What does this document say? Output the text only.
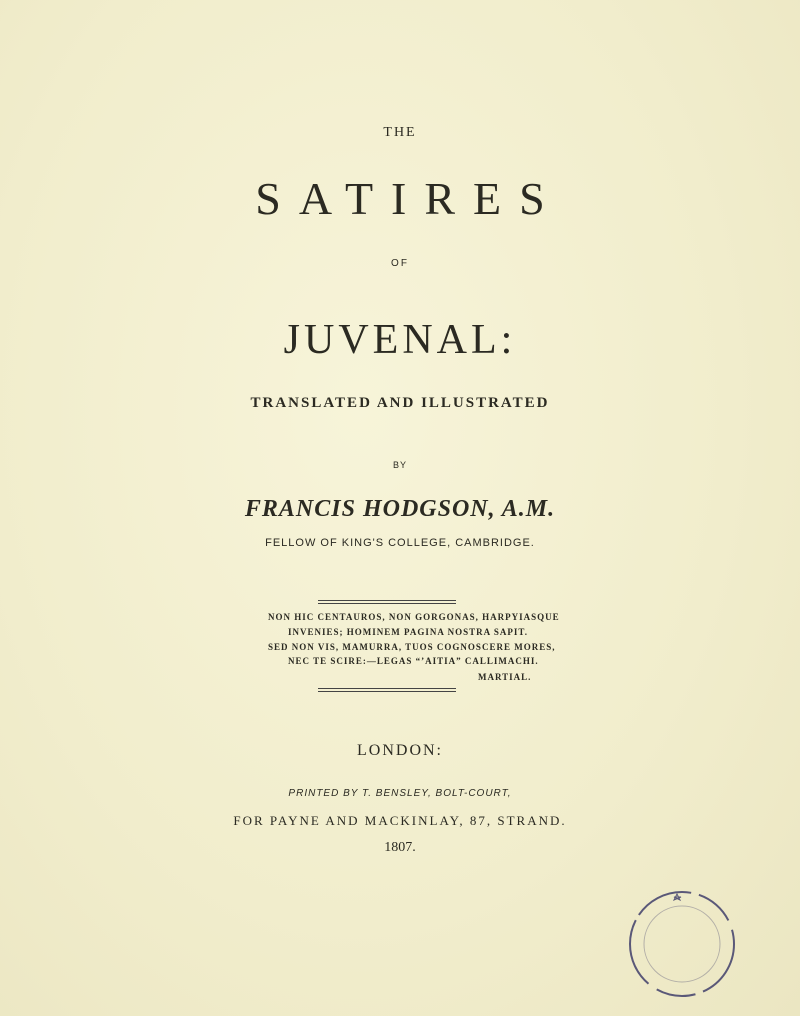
THE
SATIRES
OF
JUVENAL:
TRANSLATED AND ILLUSTRATED
BY
FRANCIS HODGSON, A.M.
FELLOW OF KING'S COLLEGE, CAMBRIDGE.
NON HIC CENTAUROS, NON GORGONAS, HARPYIASQUE
INVENIES; HOMINEM PAGINA NOSTRA SAPIT.
SED NON VIS, MAMURRA, TUOS COGNOSCERE MORES,
NEC TE SCIRE:—LEGAS “’AITIA” CALLIMACHI.
MARTIAL.
LONDON:
PRINTED BY T. BENSLEY, BOLT-COURT,
FOR PAYNE AND MACKINLAY, 87, STRAND.
1807.
